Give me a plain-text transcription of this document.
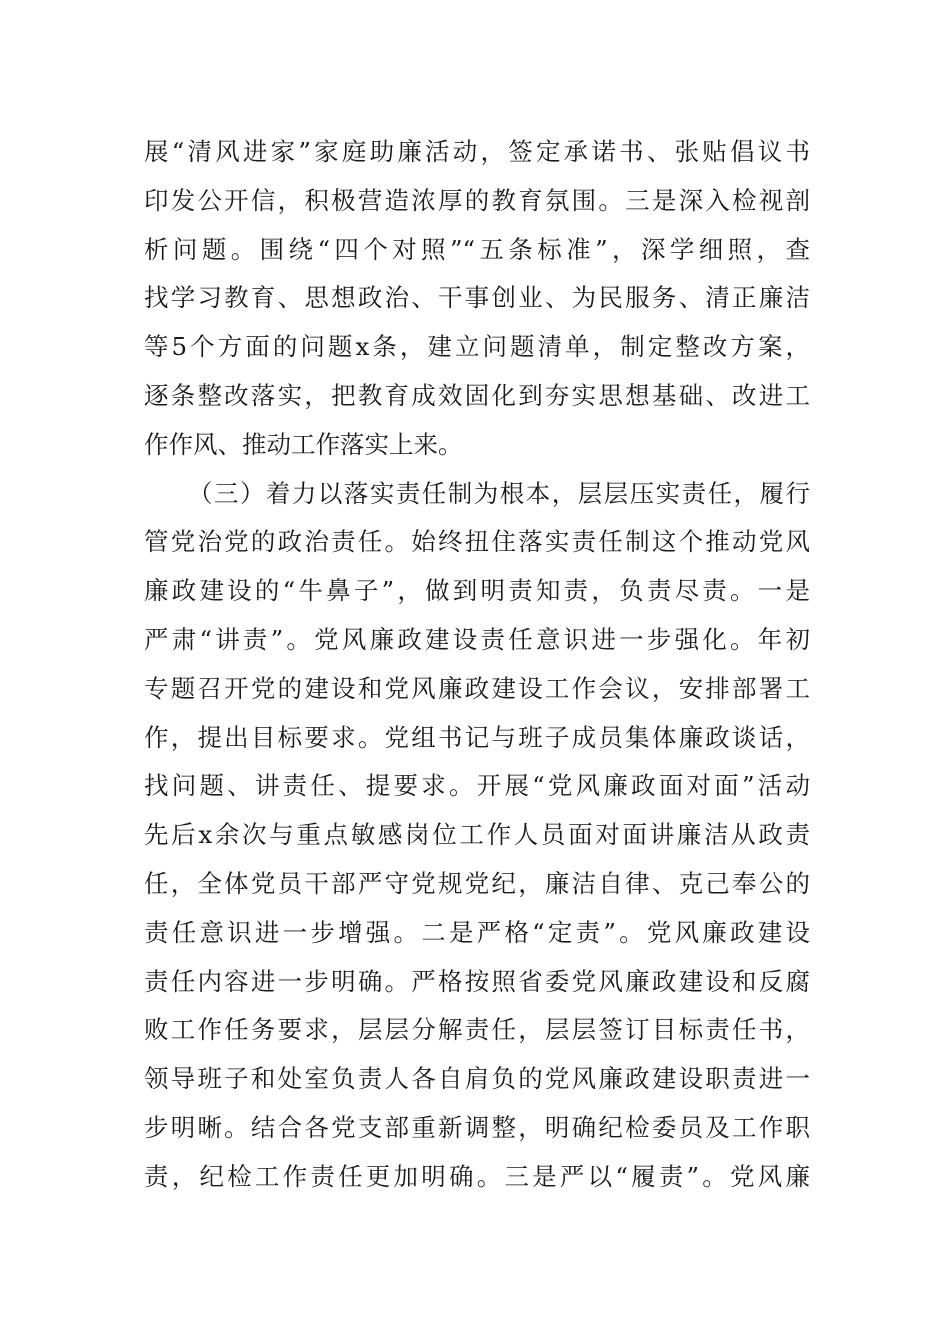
展“清风进家”家庭助廉活动，签定承诺书、张贴倡议书
印发公开信，积极营造浓厚的教育氛围。三是深入检视剖
析问题。围绕“四个对照”“五条标准”，深学细照，查
找学习教育、思想政治、干事创业、为民服务、清正廉洁
等5个方面的问题x条，建立问题清单，制定整改方案，
逐条整改落实，把教育成效固化到夯实思想基础、改进工
作作风、推动工作落实上来。
（三）着力以落实责任制为根本，层层压实责任，履行
管党治党的政治责任。始终扭住落实责任制这个推动党风
廉政建设的“牛鼻子”，做到明责知责，负责尽责。一是
严肃“讲责”。党风廉政建设责任意识进一步强化。年初
专题召开党的建设和党风廉政建设工作会议，安排部署工
作，提出目标要求。党组书记与班子成员集体廉政谈话，
找问题、讲责任、提要求。开展“党风廉政面对面”活动
先后x余次与重点敏感岗位工作人员面对面讲廉洁从政责
任，全体党员干部严守党规党纪，廉洁自律、克己奉公的
责任意识进一步增强。二是严格“定责”。党风廉政建设
责任内容进一步明确。严格按照省委党风廉政建设和反腐
败工作任务要求，层层分解责任，层层签订目标责任书，
领导班子和处室负责人各自肩负的党风廉政建设职责进一
步明晰。结合各党支部重新调整，明确纪检委员及工作职
责，纪检工作责任更加明确。三是严以“履责”。党风廉
